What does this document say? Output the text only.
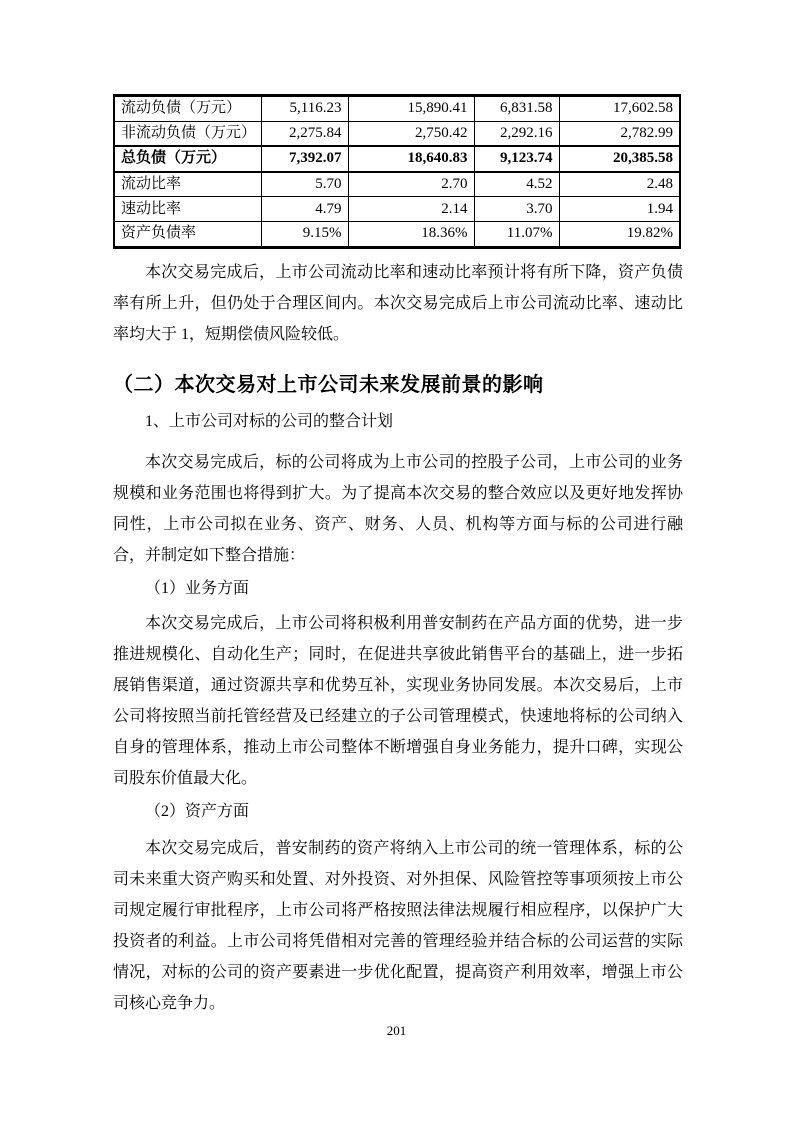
流动负债（万元）	5,116.23	15,890.41	6,831.58	17,602.58
非流动负债（万元）	2,275.84	2,750.42	2,292.16	2,782.99
总负债（万元）	7,392.07	18,640.83	9,123.74	20,385.58
流动比率	5.70	2.70	4.52	2.48
速动比率	4.79	2.14	3.70	1.94
资产负债率	9.15%	18.36%	11.07%	19.82%

本次交易完成后，上市公司流动比率和速动比率预计将有所下降，资产负债率有所上升，但仍处于合理区间内。本次交易完成后上市公司流动比率、速动比率均大于 1，短期偿债风险较低。

（二）本次交易对上市公司未来发展前景的影响

1、上市公司对标的公司的整合计划

本次交易完成后，标的公司将成为上市公司的控股子公司，上市公司的业务规模和业务范围也将得到扩大。为了提高本次交易的整合效应以及更好地发挥协同性，上市公司拟在业务、资产、财务、人员、机构等方面与标的公司进行融合，并制定如下整合措施：

（1）业务方面

本次交易完成后，上市公司将积极利用普安制药在产品方面的优势，进一步推进规模化、自动化生产；同时，在促进共享彼此销售平台的基础上，进一步拓展销售渠道，通过资源共享和优势互补，实现业务协同发展。本次交易后，上市公司将按照当前托管经营及已经建立的子公司管理模式，快速地将标的公司纳入自身的管理体系，推动上市公司整体不断增强自身业务能力，提升口碑，实现公司股东价值最大化。

（2）资产方面

本次交易完成后，普安制药的资产将纳入上市公司的统一管理体系，标的公司未来重大资产购买和处置、对外投资、对外担保、风险管控等事项须按上市公司规定履行审批程序，上市公司将严格按照法律法规履行相应程序，以保护广大投资者的利益。上市公司将凭借相对完善的管理经验并结合标的公司运营的实际情况，对标的公司的资产要素进一步优化配置，提高资产利用效率，增强上市公司核心竞争力。

201
